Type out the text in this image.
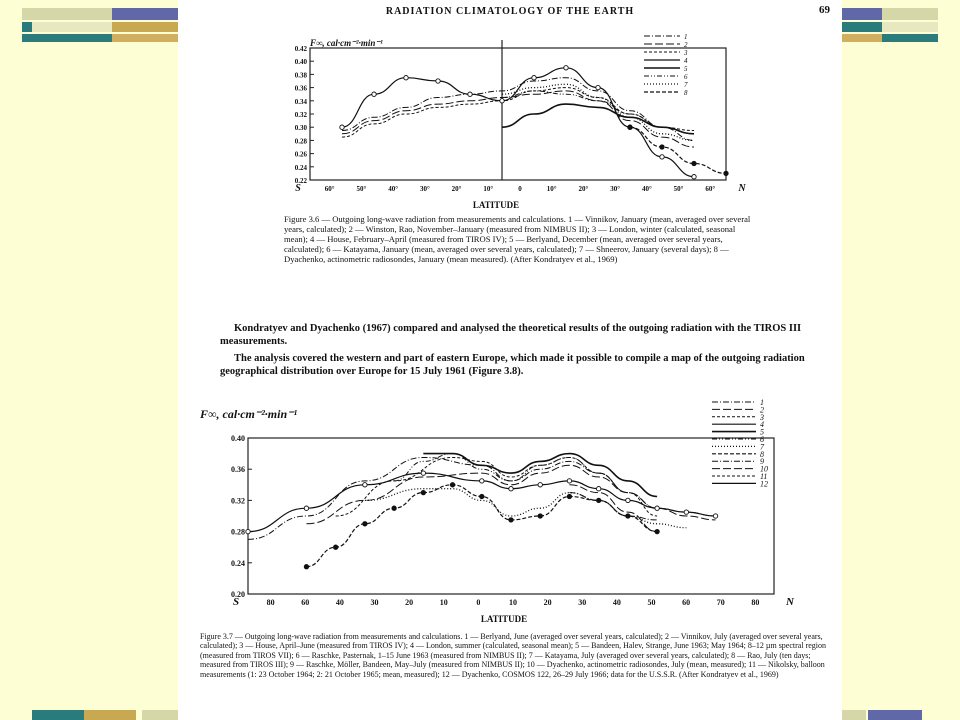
RADIATION CLIMATOLOGY OF THE EARTH	69
0.22
0.24
0.26
0.28
0.30
0.32
0.34
0.36
0.38
0.40
0.42
S	60°	50°	40°	30°	20°	10°	0	10°	20°	30°	40°	50°	60° N
1
2
3
4
5
6
7
8
F∞, cal·cm⁻²·min⁻¹
LATITUDE
Figure 3.6 — Outgoing long-wave radiation from measurements and calculations. 1 — Vinnikov, January (mean, averaged over several years, calculated); 2 — Winston, Rao, November–January (measured from NIMBUS II); 3 — London, winter (calculated, seasonal mean); 4 — House, February–April (measured from TIROS IV); 5 — Berlyand, December (mean, averaged over several years, calculated); 6 — Katayama, January (mean, averaged over several years, calculated); 7 — Shneerov, January (several days); 8 — Dyachenko, actinometric radiosondes, January (mean measured). (After Kondratyev et al., 1969)

Kondratyev and Dyachenko (1967) compared and analysed the theoretical results of the outgoing radiation with the TIROS III measurements.

The analysis covered the western and part of eastern Europe, which made it possible to compile a map of the outgoing radiation geographical distribution over Europe for 15 July 1961 (Figure 3.8).

0.20
0.24
0.28
0.32
0.36
0.40
S	80	60	40	30	20	10	0	10	20	30	40	50	60	70	80 N
1
2
3
4
5
6
7
8
9
10
11
12
F∞, cal·cm⁻²·min⁻¹
LATITUDE
Figure 3.7 — Outgoing long-wave radiation from measurements and calculations. 1 — Berlyand, June (averaged over several years, calculated); 2 — Vinnikov, July (averaged over several years, calculated); 3 — House, April–June (measured from TIROS IV); 4 — London, summer (calculated, seasonal mean); 5 — Bandeen, Halev, Strange, June 1963; May 1964; 8–12 µm spectral region (measured from TIROS VII); 6 — Raschke, Pasternak, 1–15 June 1963 (measured from NIMBUS II); 7 — Katayama, July (averaged over several years, calculated); 8 — Rao, July (ten days; measured from TIROS III); 9 — Raschke, Möller, Bandeen, May–July (measured from NIMBUS II); 10 — Dyachenko, actinometric radiosondes, July (mean, measured); 11 — Nikolsky, balloon measurements (1: 23 October 1964; 2: 21 October 1965; mean, measured); 12 — Dyachenko, COSMOS 122, 26–29 July 1966; data for the U.S.S.R. (After Kondratyev et al., 1969)
